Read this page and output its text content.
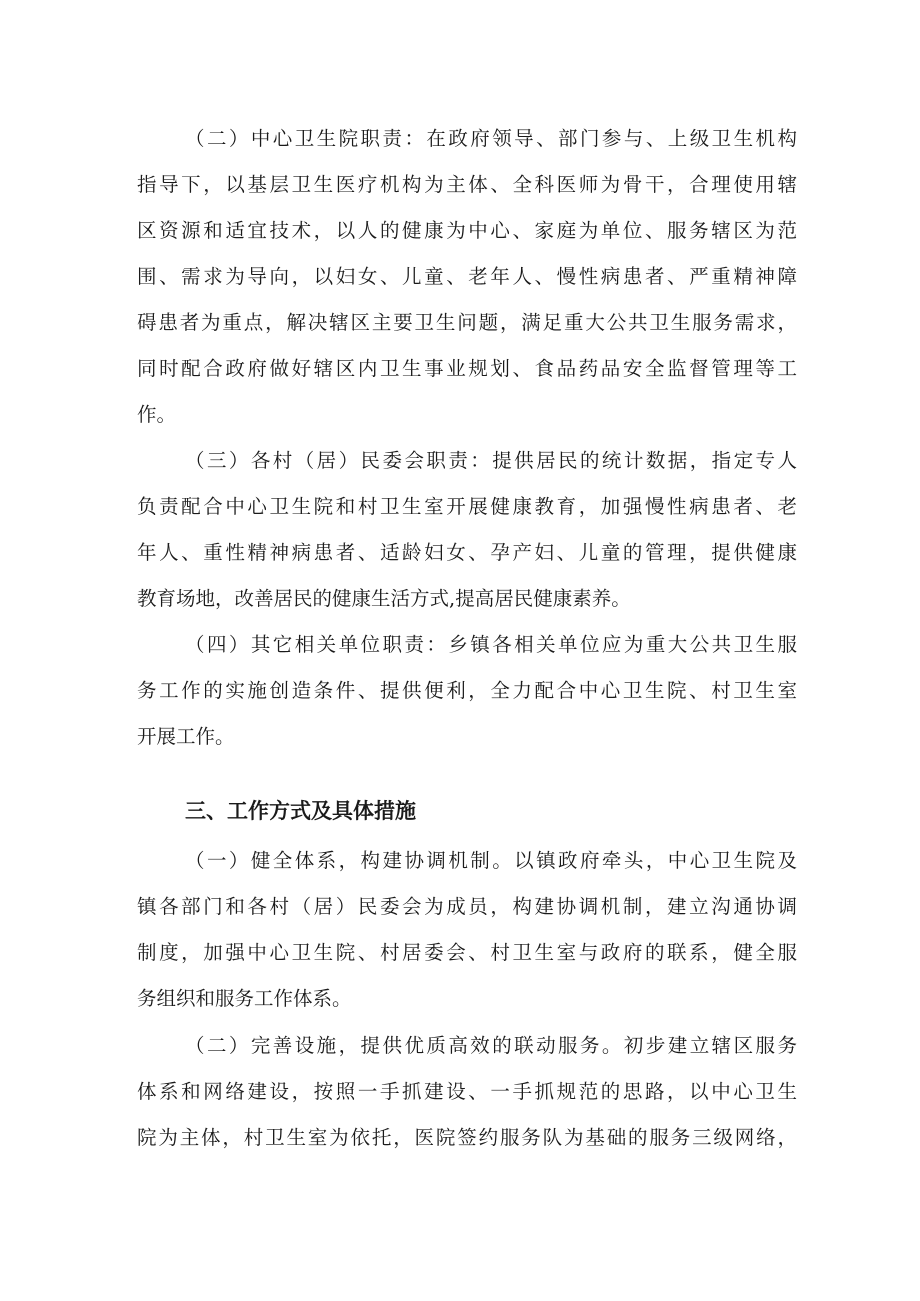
（二）中心卫生院职责：在政府领导、部门参与、上级卫生机构
指导下，以基层卫生医疗机构为主体、全科医师为骨干，合理使用辖
区资源和适宜技术，以人的健康为中心、家庭为单位、服务辖区为范
围、需求为导向，以妇女、儿童、老年人、慢性病患者、严重精神障
碍患者为重点，解决辖区主要卫生问题，满足重大公共卫生服务需求，
同时配合政府做好辖区内卫生事业规划、食品药品安全监督管理等工
作。
（三）各村（居）民委会职责：提供居民的统计数据，指定专人
负责配合中心卫生院和村卫生室开展健康教育，加强慢性病患者、老
年人、重性精神病患者、适龄妇女、孕产妇、儿童的管理，提供健康
教育场地，改善居民的健康生活方式,提高居民健康素养。
（四）其它相关单位职责：乡镇各相关单位应为重大公共卫生服
务工作的实施创造条件、提供便利，全力配合中心卫生院、村卫生室
开展工作。
三、工作方式及具体措施
（一）健全体系，构建协调机制。以镇政府牵头，中心卫生院及
镇各部门和各村（居）民委会为成员，构建协调机制，建立沟通协调
制度，加强中心卫生院、村居委会、村卫生室与政府的联系，健全服
务组织和服务工作体系。
（二）完善设施，提供优质高效的联动服务。初步建立辖区服务
体系和网络建设，按照一手抓建设、一手抓规范的思路，以中心卫生
院为主体，村卫生室为依托，医院签约服务队为基础的服务三级网络，
